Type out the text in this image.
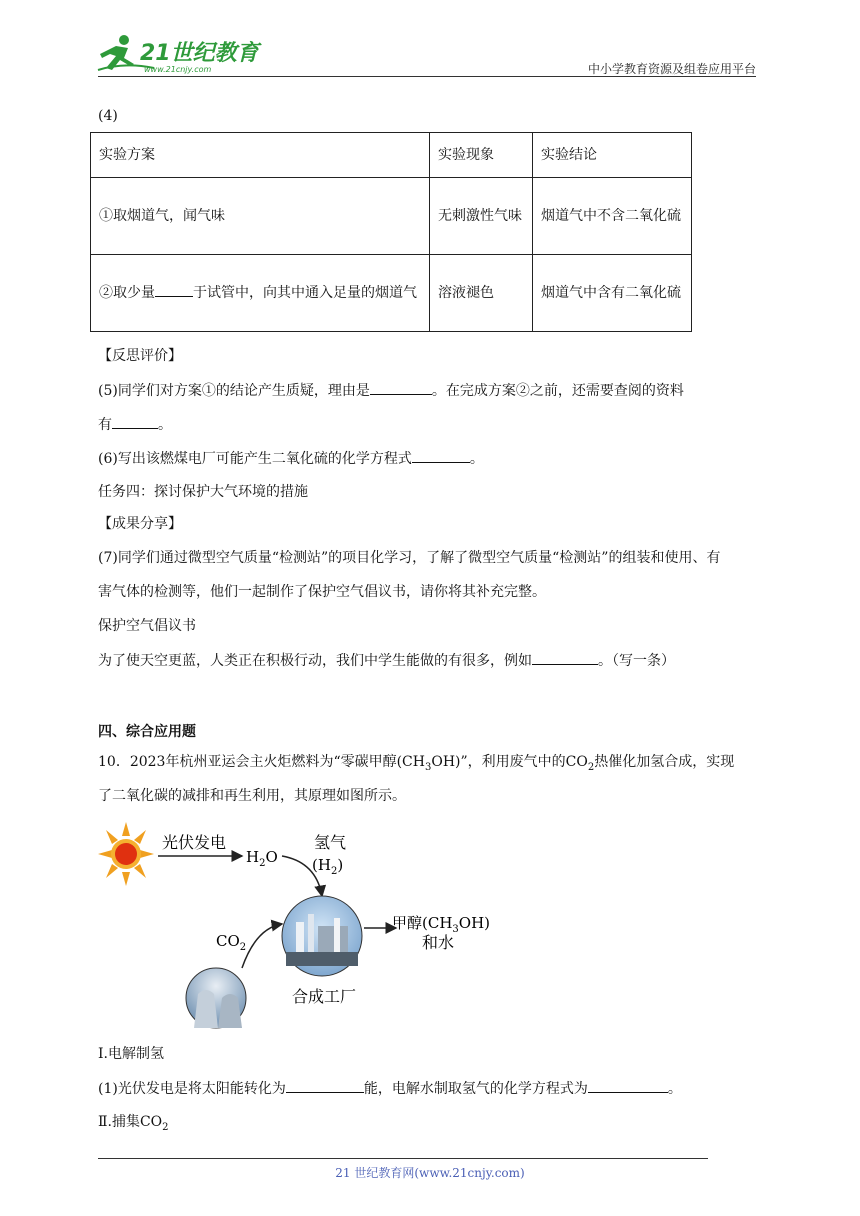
21世纪教育
www.21cnjy.com	中小学教育资源及组卷应用平台
(4)
实验方案	实验现象	实验结论
①取烟道气，闻气味	无刺激性气味	烟道气中不含二氧化硫

②取少量 于试管中，向其中通入足量的烟道气	溶液褪色	烟道气中含有二氧化硫
【反思评价】
(5)同学们对方案①的结论产生质疑，理由是	。在完成方案②之前，还需要查阅的资料
有	。
(6)写出该燃煤电厂可能产生二氧化硫的化学方程式	。
任务四：探讨保护大气环境的措施
【成果分享】
(7)同学们通过微型空气质量“检测站”的项目化学习，了解了微型空气质量“检测站”的组装和使用、有
害气体的检测等，他们一起制作了保护空气倡议书，请你将其补充完整。
保护空气倡议书
为了使天空更蓝，人类正在积极行动，我们中学生能做的有很多，例如	。（写一条）
四、综合应用题
10．2023年杭州亚运会主火炬燃料为“零碳甲醇$(CH_3OH)$”，利用废气中的$CO_2$热催化加氢合成，实现
了二氧化碳的减排和再生利用，其原理如图所示。
光伏发电
$H_2O$
氢气
$(H_2)$
合成工厂
甲醇$(CH_3OH)$
和水
$CO_2$
Ⅰ.电解制氢
(1)光伏发电是将太阳能转化为	能，电解水制取氢气的化学方程式为	。
Ⅱ.捕集$CO_2$
21 世纪教育网(www.21cnjy.com)
